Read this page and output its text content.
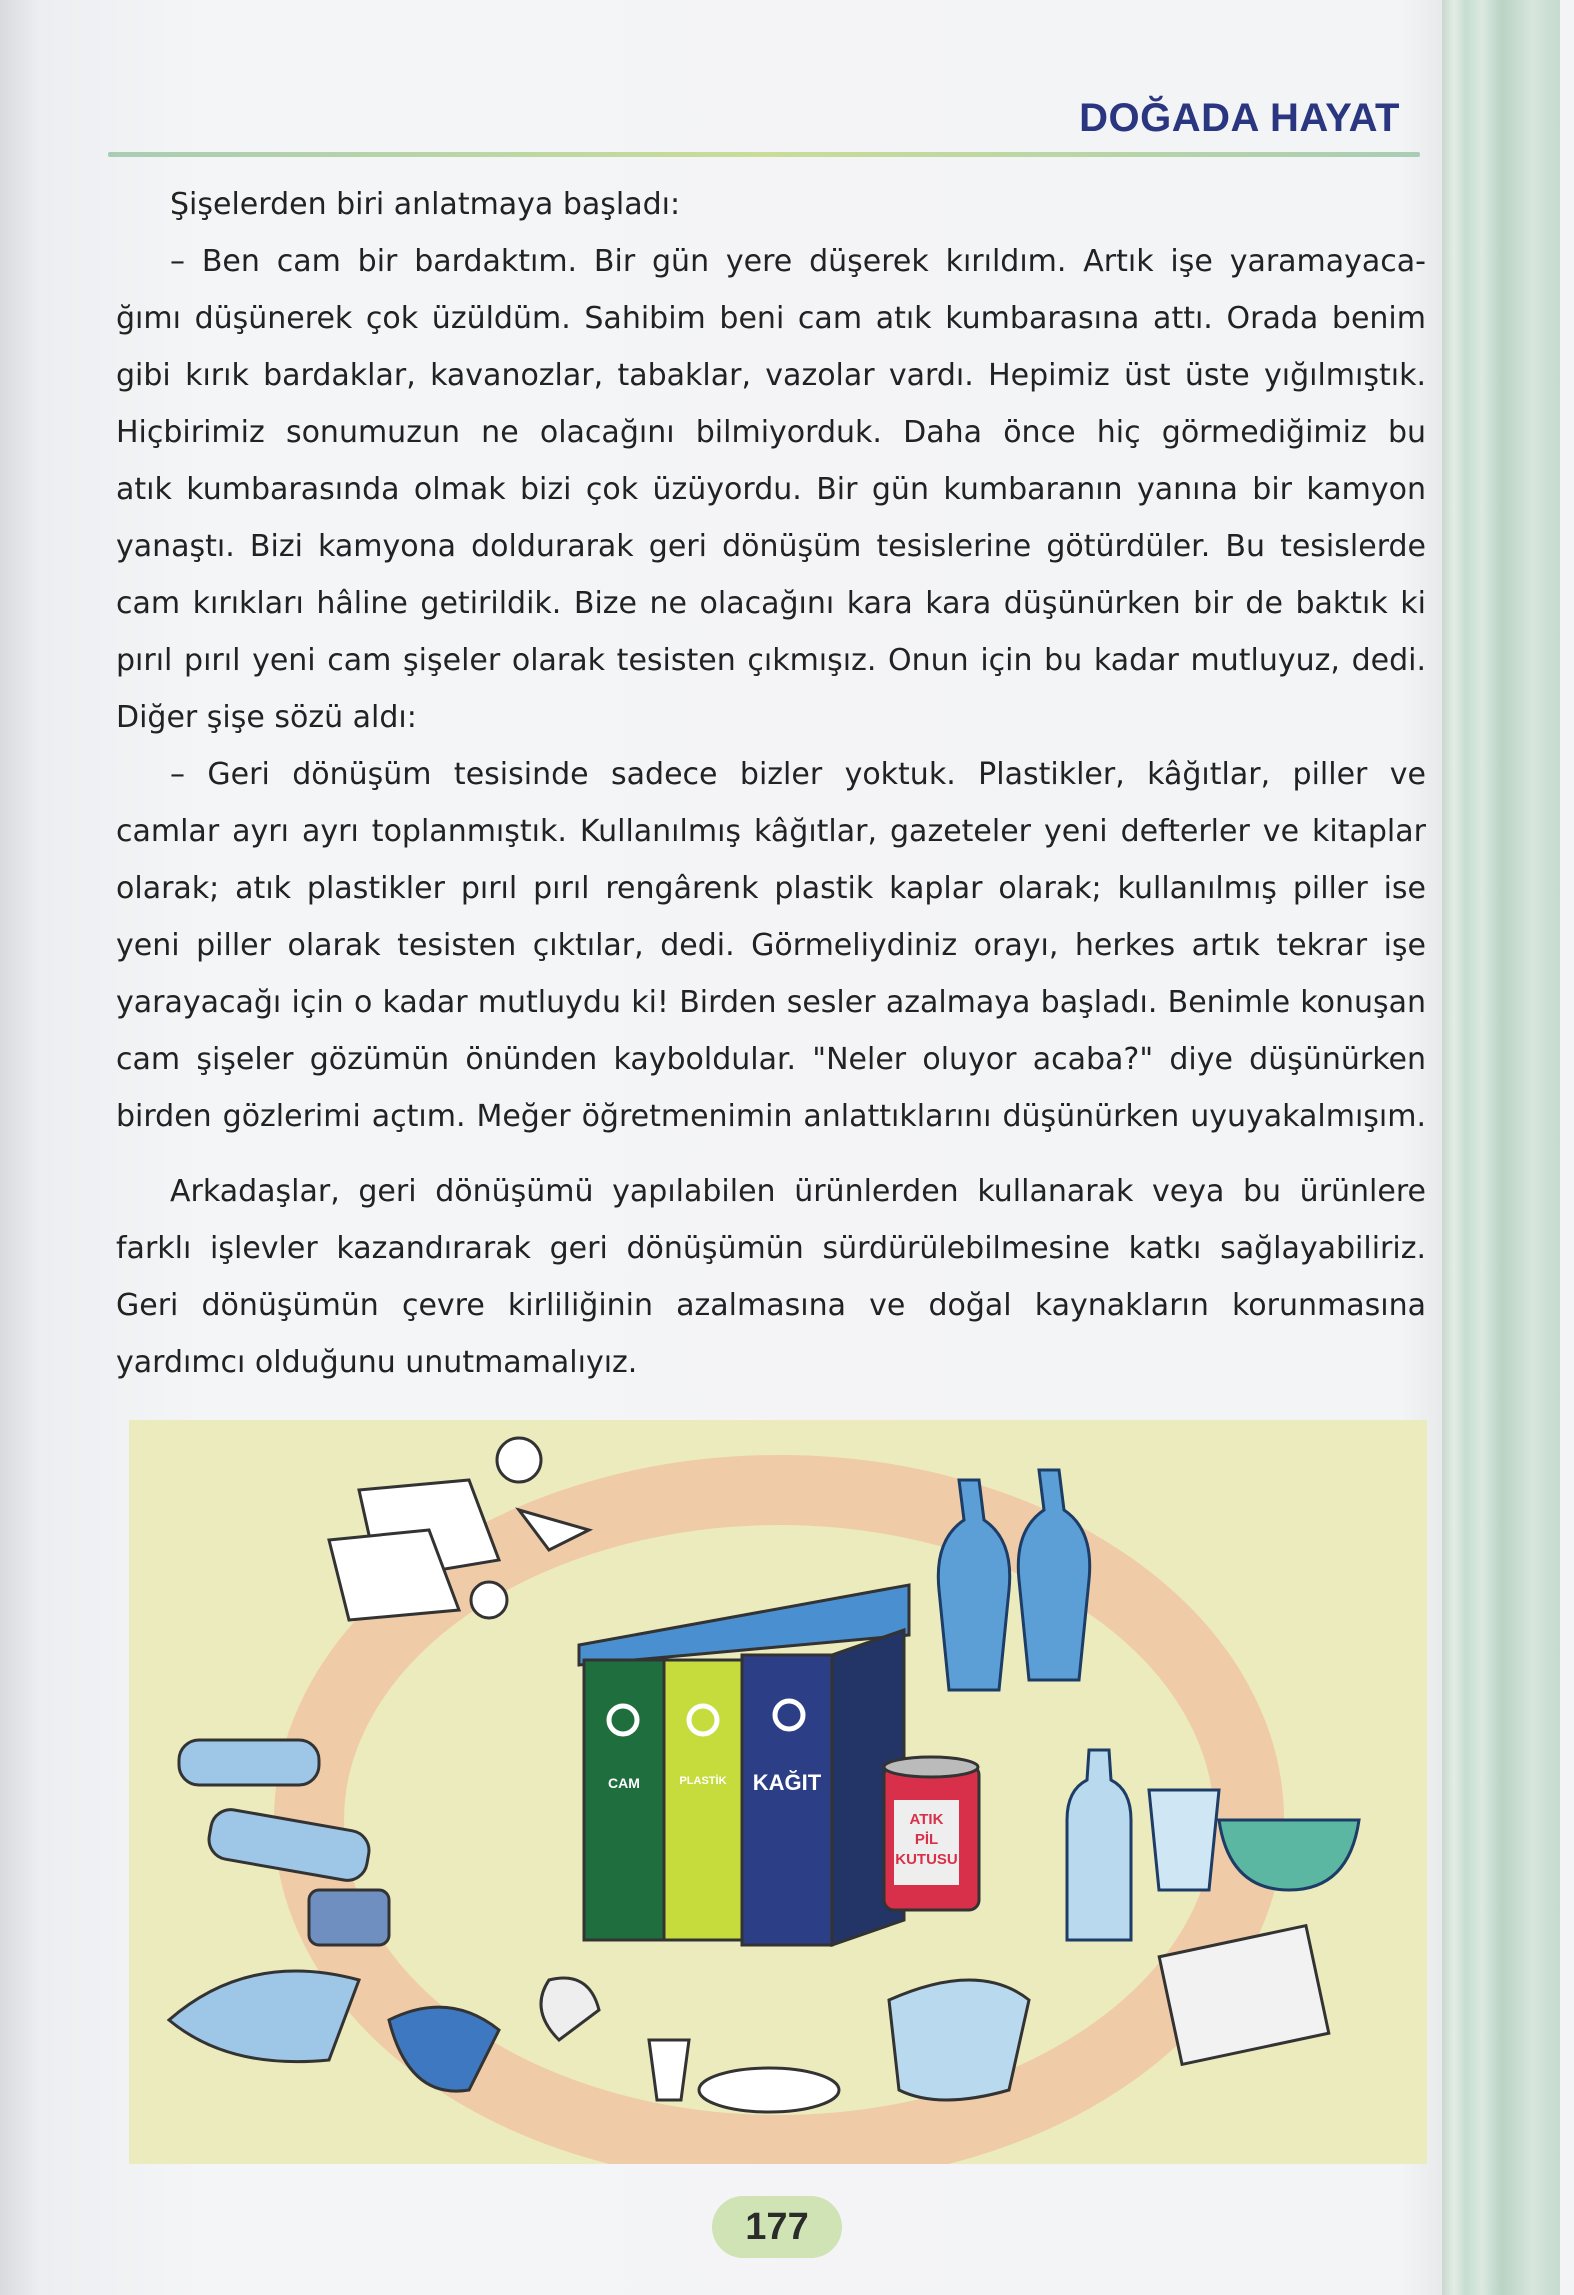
DOĞADA HAYAT
Şişelerden biri anlatmaya başladı:
– Ben cam bir bardaktım. Bir gün yere düşerek kırıldım. Artık işe yaramayaca-
ğımı düşünerek çok üzüldüm. Sahibim beni cam atık kumbarasına attı. Orada benim
gibi kırık bardaklar, kavanozlar, tabaklar, vazolar vardı. Hepimiz üst üste yığılmıştık.
Hiçbirimiz sonumuzun ne olacağını bilmiyorduk. Daha önce hiç görmediğimiz bu
atık kumbarasında olmak bizi çok üzüyordu. Bir gün kumbaranın yanına bir kamyon
yanaştı. Bizi kamyona doldurarak geri dönüşüm tesislerine götürdüler. Bu tesislerde
cam kırıkları hâline getirildik. Bize ne olacağını kara kara düşünürken bir de baktık ki
pırıl pırıl yeni cam şişeler olarak tesisten çıkmışız. Onun için bu kadar mutluyuz, dedi.
Diğer şişe sözü aldı:
– Geri dönüşüm tesisinde sadece bizler yoktuk. Plastikler, kâğıtlar, piller ve
camlar ayrı ayrı toplanmıştık. Kullanılmış kâğıtlar, gazeteler yeni defterler ve kitaplar
olarak; atık plastikler pırıl pırıl rengârenk plastik kaplar olarak; kullanılmış piller ise
yeni piller olarak tesisten çıktılar, dedi. Görmeliydiniz orayı, herkes artık tekrar işe
yarayacağı için o kadar mutluydu ki! Birden sesler azalmaya başladı. Benimle konuşan
cam şişeler gözümün önünden kayboldular. "Neler oluyor acaba?" diye düşünürken
birden gözlerimi açtım. Meğer öğretmenimin anlattıklarını düşünürken uyuyakalmışım.
Arkadaşlar, geri dönüşümü yapılabilen ürünlerden kullanarak veya bu ürünlere
farklı işlevler kazandırarak geri dönüşümün sürdürülebilmesine katkı sağlayabiliriz.
Geri dönüşümün çevre kirliliğinin azalmasına ve doğal kaynakların korunmasına
yardımcı olduğunu unutmamalıyız.
CAM	PLASTİK	KAĞIT
ATIK
PİL
KUTUSU
177
